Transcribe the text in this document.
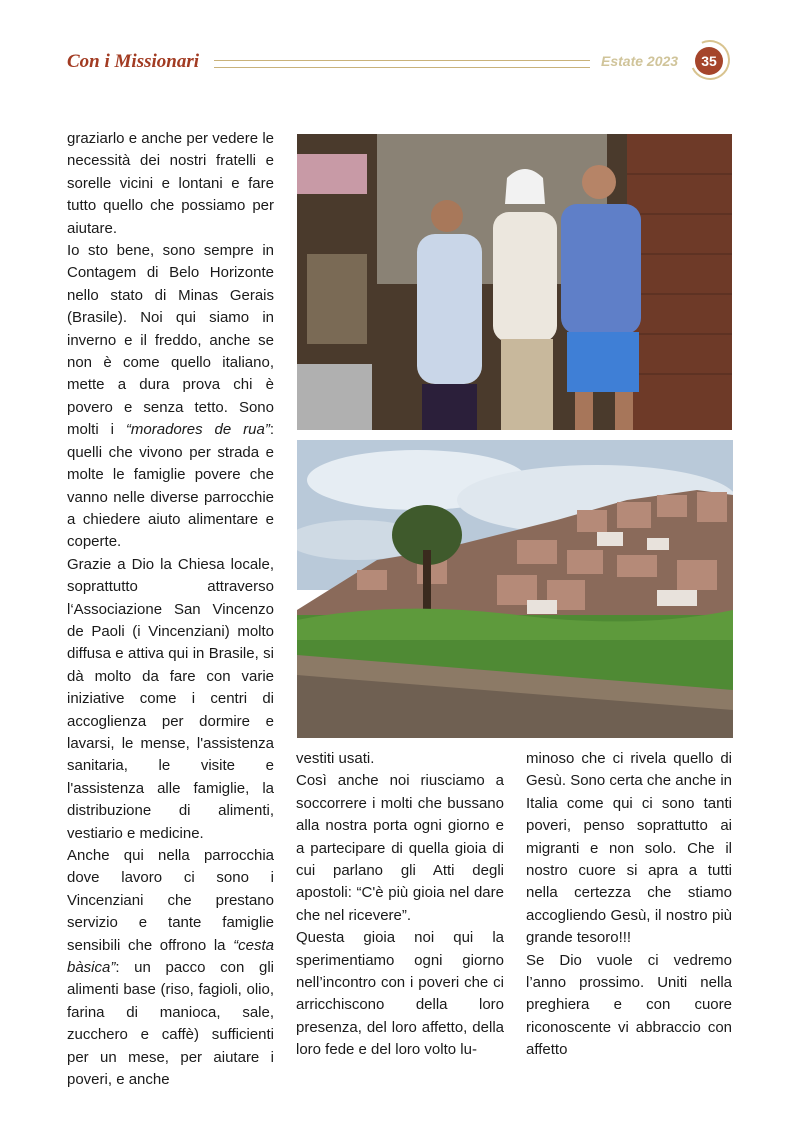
Con i Missionari	Estate 2023	35

graziarlo e anche per vedere le necessità dei nostri fratelli e sorelle vicini e lontani e fare tutto quello che possiamo per aiutare.

Io sto bene, sono sempre in Contagem di Belo Horizonte nello stato di Minas Gerais (Brasile). Noi qui siamo in inverno e il freddo, anche se non è come quello italiano, mette a dura prova chi è povero e senza tetto. Sono molti i “moradores de rua”: quelli che vivono per strada e molte le famiglie povere che vanno nelle diverse parrocchie a chiedere aiuto alimentare e coperte.

Grazie a Dio la Chiesa locale, soprattutto attraverso l‘Associazione San Vincenzo de Paoli (i Vincenziani) molto diffusa e attiva qui in Brasile, si dà molto da fare con varie iniziative come i centri di accoglienza per dormire e lavarsi, le mense, l'assistenza sanitaria, le visite e l'assistenza alle famiglie, la distribuzione di alimenti, vestiario e medicine.

Anche qui nella parrocchia dove lavoro ci sono i Vincenziani che prestano servizio e tante famiglie sensibili che offrono la “cesta bàsica”: un pacco con gli alimenti base (riso, fagioli, olio, farina di manioca, sale, zucchero e caffè) sufficienti per un mese, per aiutare i poveri, e anche

vestiti usati.

Così anche noi riusciamo a soccorrere i molti che bussano alla nostra porta ogni giorno e a partecipare di quella gioia di cui parlano gli Atti degli apostoli: “C'è più gioia nel dare che nel ricevere”.

Questa gioia noi qui la sperimentiamo ogni giorno nell’incontro con i poveri che ci arricchiscono della loro presenza, del loro affetto, della loro fede e del loro volto lu-

minoso che ci rivela quello di Gesù. Sono certa che anche in Italia come qui ci sono tanti poveri, penso soprattutto ai migranti e non solo. Che il nostro cuore si apra a tutti nella certezza che stiamo accogliendo Gesù, il nostro più grande tesoro!!!

Se Dio vuole ci vedremo l’anno prossimo. Uniti nella preghiera e con cuore riconoscente vi abbraccio con affetto
